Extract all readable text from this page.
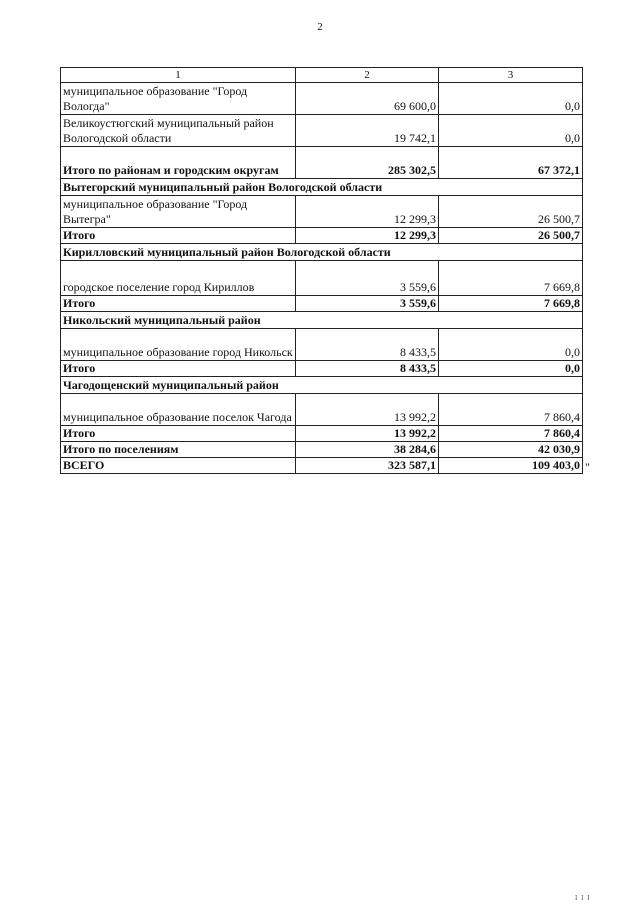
2
1	2	3
муниципальное образование "Город Вологда"	69 600,0	0,0
Великоустюгский муниципальный район Вологодской области	19 742,1	0,0
Итого по районам и городским округам	285 302,5	67 372,1
Вытегорский муниципальный район Вологодской области		
муниципальное образование "Город Вытегра"	12 299,3	26 500,7
Итого	12 299,3	26 500,7
Кирилловский муниципальный район Вологодской области		
городское поселение город Кириллов	3 559,6	7 669,8
Итого	3 559,6	7 669,8
Никольский муниципальный район		
муниципальное образование город Никольск	8 433,5	0,0
Итого	8 433,5	0,0
Чагодощенский муниципальный район		
муниципальное образование поселок Чагода	13 992,2	7 860,4
Итого	13 992,2	7 860,4
Итого по поселениям	38 284,6	42 030,9
ВСЕГО	323 587,1	109 403,0 "
I I I
